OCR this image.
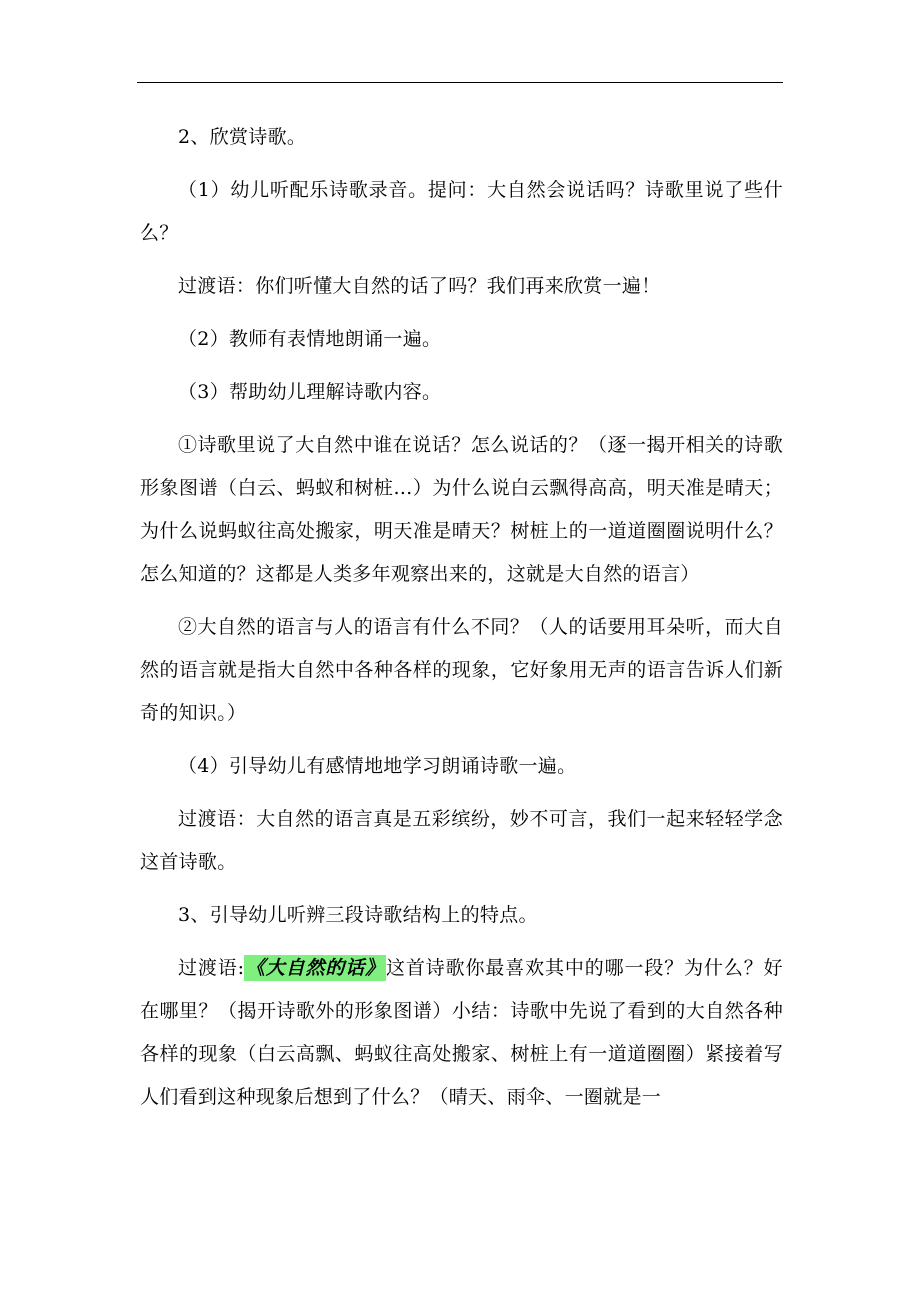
2、欣赏诗歌。

（1）幼儿听配乐诗歌录音。提问：大自然会说话吗？诗歌里说了些什么？

过渡语：你们听懂大自然的话了吗？我们再来欣赏一遍！

（2）教师有表情地朗诵一遍。

（3）帮助幼儿理解诗歌内容。

①诗歌里说了大自然中谁在说话？怎么说话的？（逐一揭开相关的诗歌形象图谱（白云、蚂蚁和树桩…）为什么说白云飘得高高，明天准是晴天；为什么说蚂蚁往高处搬家，明天准是晴天？树桩上的一道道圈圈说明什么？怎么知道的？这都是人类多年观察出来的，这就是大自然的语言）

②大自然的语言与人的语言有什么不同？（人的话要用耳朵听，而大自然的语言就是指大自然中各种各样的现象，它好象用无声的语言告诉人们新奇的知识。）

（4）引导幼儿有感情地地学习朗诵诗歌一遍。

过渡语：大自然的语言真是五彩缤纷，妙不可言，我们一起来轻轻学念这首诗歌。

3、引导幼儿听辨三段诗歌结构上的特点。

过渡语:《大自然的话》这首诗歌你最喜欢其中的哪一段？为什么？好在哪里？（揭开诗歌外的形象图谱）小结：诗歌中先说了看到的大自然各种各样的现象（白云高飘、蚂蚁往高处搬家、树桩上有一道道圈圈）紧接着写人们看到这种现象后想到了什么？（晴天、雨伞、一圈就是一
